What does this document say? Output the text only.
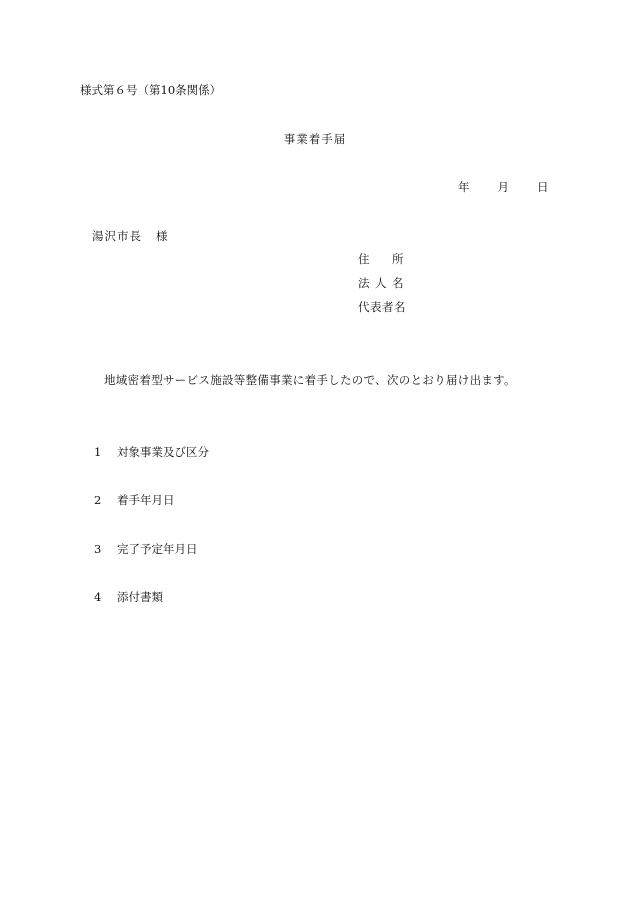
様式第６号（第10条関係）
事業着手届
年 月 日
湯沢市長 様
住 所
法 人 名
代表者名
地域密着型サービス施設等整備事業に着手したので、次のとおり届け出ます。
1 対象事業及び区分
2 着手年月日
3 完了予定年月日
4 添付書類
